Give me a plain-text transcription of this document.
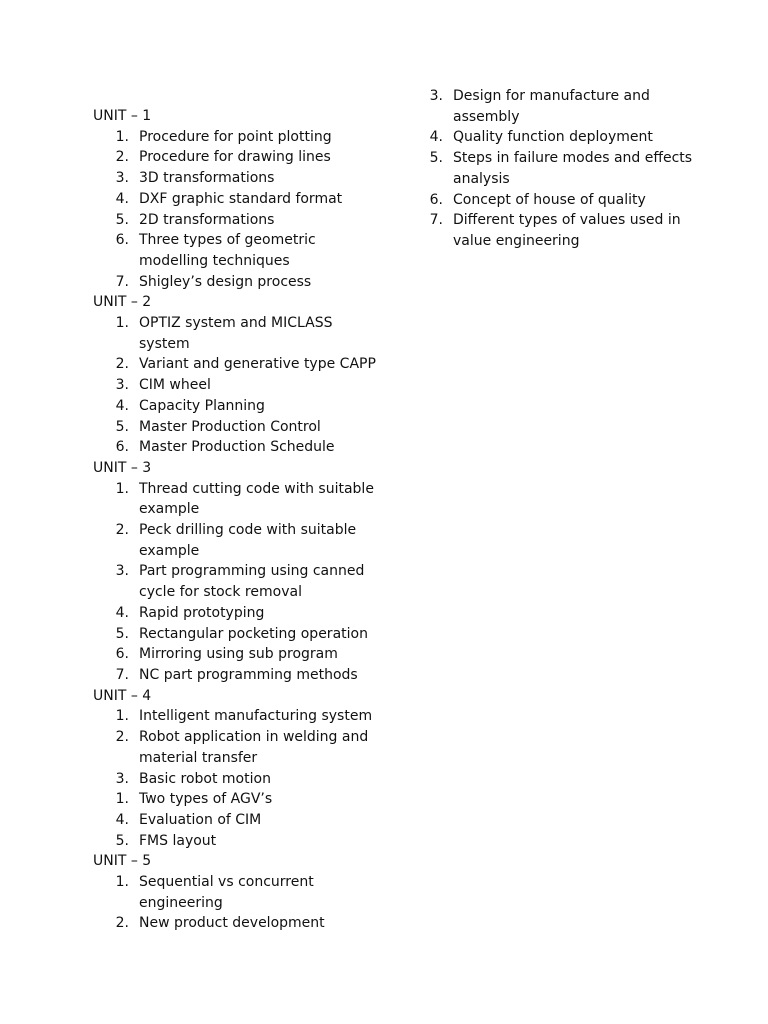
UNIT – 1
1. Procedure for point plotting
2. Procedure for drawing lines
3. 3D transformations
4. DXF graphic standard format
5. 2D transformations
6. Three types of geometric modelling techniques
7. Shigley’s design process
UNIT – 2
1. OPTIZ system and MICLASS system
2. Variant and generative type CAPP
3. CIM wheel
4. Capacity Planning
5. Master Production Control
6. Master Production Schedule
UNIT – 3
1. Thread cutting code with suitable example
2. Peck drilling code with suitable example
3. Part programming using canned cycle for stock removal
4. Rapid prototyping
5. Rectangular pocketing operation
6. Mirroring using sub program
7. NC part programming methods
UNIT – 4
1. Intelligent manufacturing system
2. Robot application in welding and material transfer
3. Basic robot motion
1. Two types of AGV’s
4. Evaluation of CIM
5. FMS layout
UNIT – 5
1. Sequential vs concurrent engineering
2. New product development
3. Design for manufacture and assembly
4. Quality function deployment
5. Steps in failure modes and effects analysis
6. Concept of house of quality
7. Different types of values used in value engineering
